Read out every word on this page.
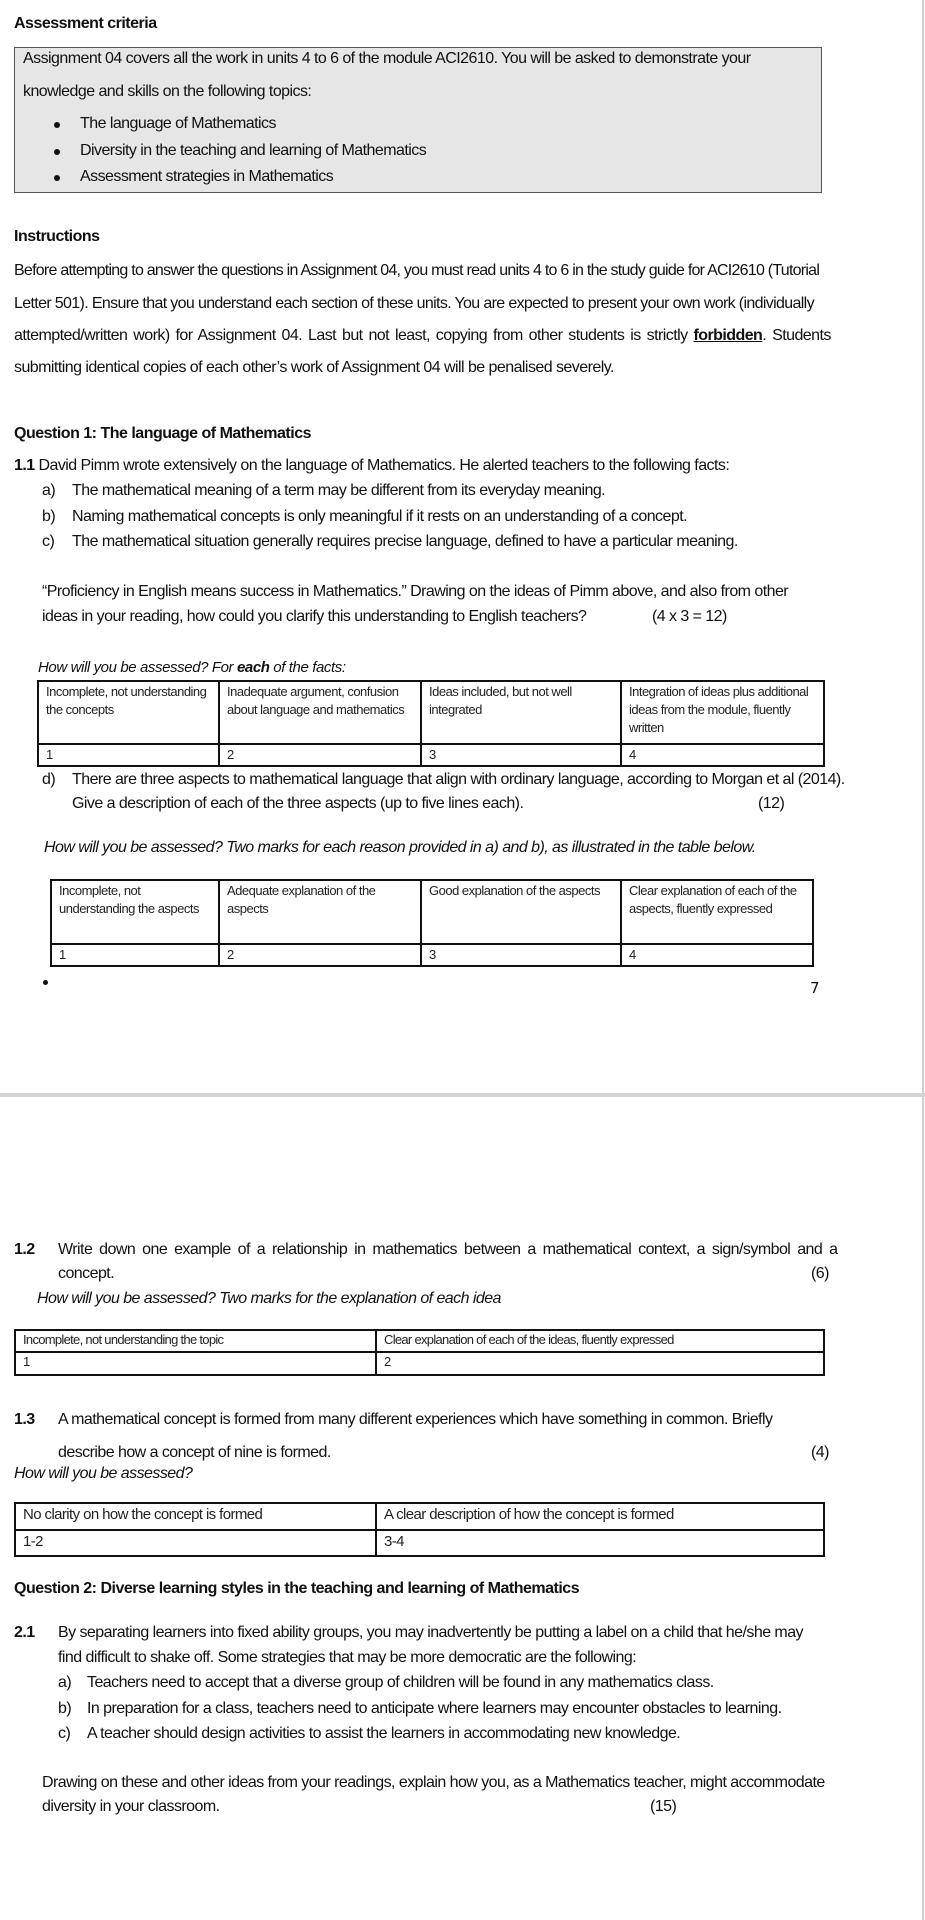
Assessment criteria
Assignment 04 covers all the work in units 4 to 6 of the module ACI2610. You will be asked to demonstrate your
knowledge and skills on the following topics:
The language of Mathematics
Diversity in the teaching and learning of Mathematics
Assessment strategies in Mathematics
Instructions
Before attempting to answer the questions in Assignment 04, you must read units 4 to 6 in the study guide for ACI2610 (Tutorial
Letter 501). Ensure that you understand each section of these units. You are expected to present your own work (individually
attempted/written work) for Assignment 04. Last but not least, copying from other students is strictly forbidden. Students
submitting identical copies of each other’s work of Assignment 04 will be penalised severely.
Question 1: The language of Mathematics
1.1 David Pimm wrote extensively on the language of Mathematics. He alerted teachers to the following facts:
a) The mathematical meaning of a term may be different from its everyday meaning.
b) Naming mathematical concepts is only meaningful if it rests on an understanding of a concept.
c) The mathematical situation generally requires precise language, defined to have a particular meaning.
“Proficiency in English means success in Mathematics.” Drawing on the ideas of Pimm above, and also from other
ideas in your reading, how could you clarify this understanding to English teachers?	(4 x 3 = 12)
How will you be assessed? For each of the facts:
Incomplete, not understanding the concepts	Inadequate argument, confusion about language and mathematics	Ideas included, but not well integrated	Integration of ideas plus additional ideas from the module, fluently written
1	2	3	4
d) There are three aspects to mathematical language that align with ordinary language, according to Morgan et al (2014).
Give a description of each of the three aspects (up to five lines each).	(12)
How will you be assessed? Two marks for each reason provided in a) and b), as illustrated in the table below.
Incomplete, not understanding the aspects	Adequate explanation of the aspects	Good explanation of the aspects	Clear explanation of each of the aspects, fluently expressed
1	2	3	4
7
1.2 Write down one example of a relationship in mathematics between a mathematical context, a sign/symbol and a
concept.	(6)
How will you be assessed? Two marks for the explanation of each idea
Incomplete, not understanding the topic	Clear explanation of each of the ideas, fluently expressed
1	2
1.3 A mathematical concept is formed from many different experiences which have something in common. Briefly
describe how a concept of nine is formed.	(4)
How will you be assessed?
No clarity on how the concept is formed	A clear description of how the concept is formed
1-2	3-4
Question 2: Diverse learning styles in the teaching and learning of Mathematics
2.1 By separating learners into fixed ability groups, you may inadvertently be putting a label on a child that he/she may
find difficult to shake off. Some strategies that may be more democratic are the following:
a) Teachers need to accept that a diverse group of children will be found in any mathematics class.
b) In preparation for a class, teachers need to anticipate where learners may encounter obstacles to learning.
c) A teacher should design activities to assist the learners in accommodating new knowledge.
Drawing on these and other ideas from your readings, explain how you, as a Mathematics teacher, might accommodate
diversity in your classroom.	(15)
